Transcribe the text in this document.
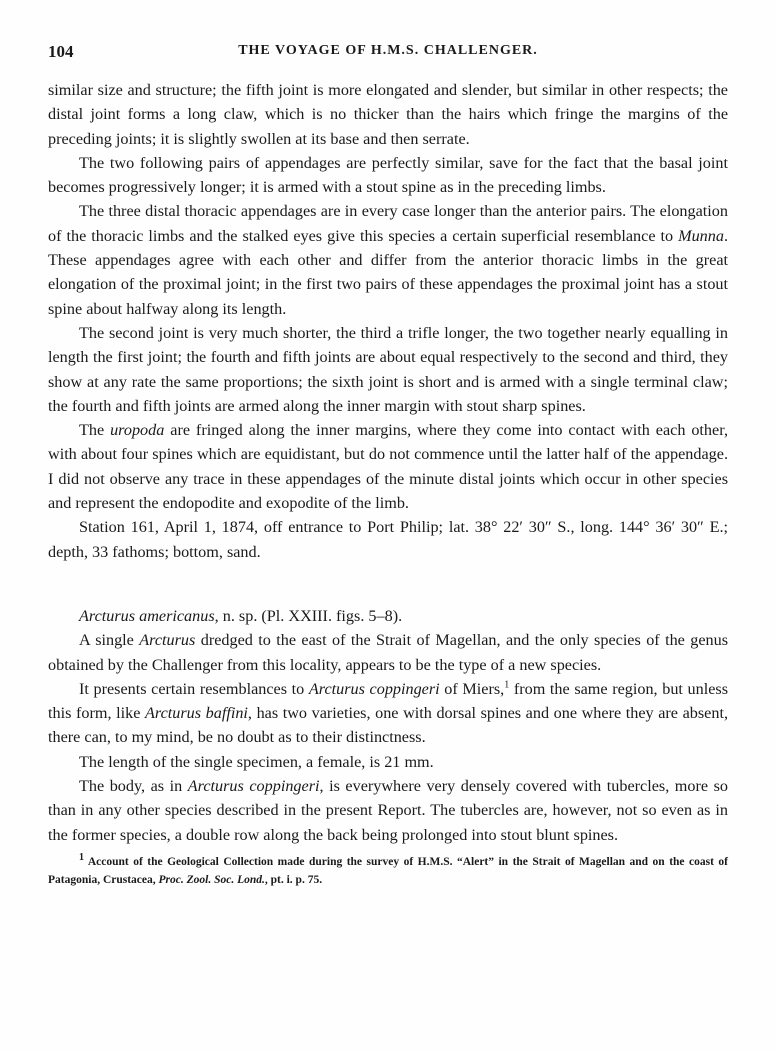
104	THE VOYAGE OF H.M.S. CHALLENGER.

similar size and structure; the fifth joint is more elongated and slender, but similar in other respects; the distal joint forms a long claw, which is no thicker than the hairs which fringe the margins of the preceding joints; it is slightly swollen at its base and then serrate.

The two following pairs of appendages are perfectly similar, save for the fact that the basal joint becomes progressively longer; it is armed with a stout spine as in the preceding limbs.

The three distal thoracic appendages are in every case longer than the anterior pairs. The elongation of the thoracic limbs and the stalked eyes give this species a certain superficial resemblance to Munna. These appendages agree with each other and differ from the anterior thoracic limbs in the great elongation of the proximal joint; in the first two pairs of these appendages the proximal joint has a stout spine about halfway along its length.

The second joint is very much shorter, the third a trifle longer, the two together nearly equalling in length the first joint; the fourth and fifth joints are about equal respectively to the second and third, they show at any rate the same proportions; the sixth joint is short and is armed with a single terminal claw; the fourth and fifth joints are armed along the inner margin with stout sharp spines.

The uropoda are fringed along the inner margins, where they come into contact with each other, with about four spines which are equidistant, but do not commence until the latter half of the appendage. I did not observe any trace in these appendages of the minute distal joints which occur in other species and represent the endopodite and exopodite of the limb.

Station 161, April 1, 1874, off entrance to Port Philip; lat. 38° 22′ 30″ S., long. 144° 36′ 30″ E.; depth, 33 fathoms; bottom, sand.

Arcturus americanus, n. sp. (Pl. XXIII. figs. 5–8).

A single Arcturus dredged to the east of the Strait of Magellan, and the only species of the genus obtained by the Challenger from this locality, appears to be the type of a new species.

It presents certain resemblances to Arcturus coppingeri of Miers,$^1$ from the same region, but unless this form, like Arcturus baffini, has two varieties, one with dorsal spines and one where they are absent, there can, to my mind, be no doubt as to their distinctness.

The length of the single specimen, a female, is 21 mm.

The body, as in Arcturus coppingeri, is everywhere very densely covered with tubercles, more so than in any other species described in the present Report. The tubercles are, however, not so even as in the former species, a double row along the back being prolonged into stout blunt spines.

$^1$ Account of the Geological Collection made during the survey of H.M.S. “Alert” in the Strait of Magellan and on the coast of Patagonia, Crustacea, Proc. Zool. Soc. Lond., pt. i. p. 75.
